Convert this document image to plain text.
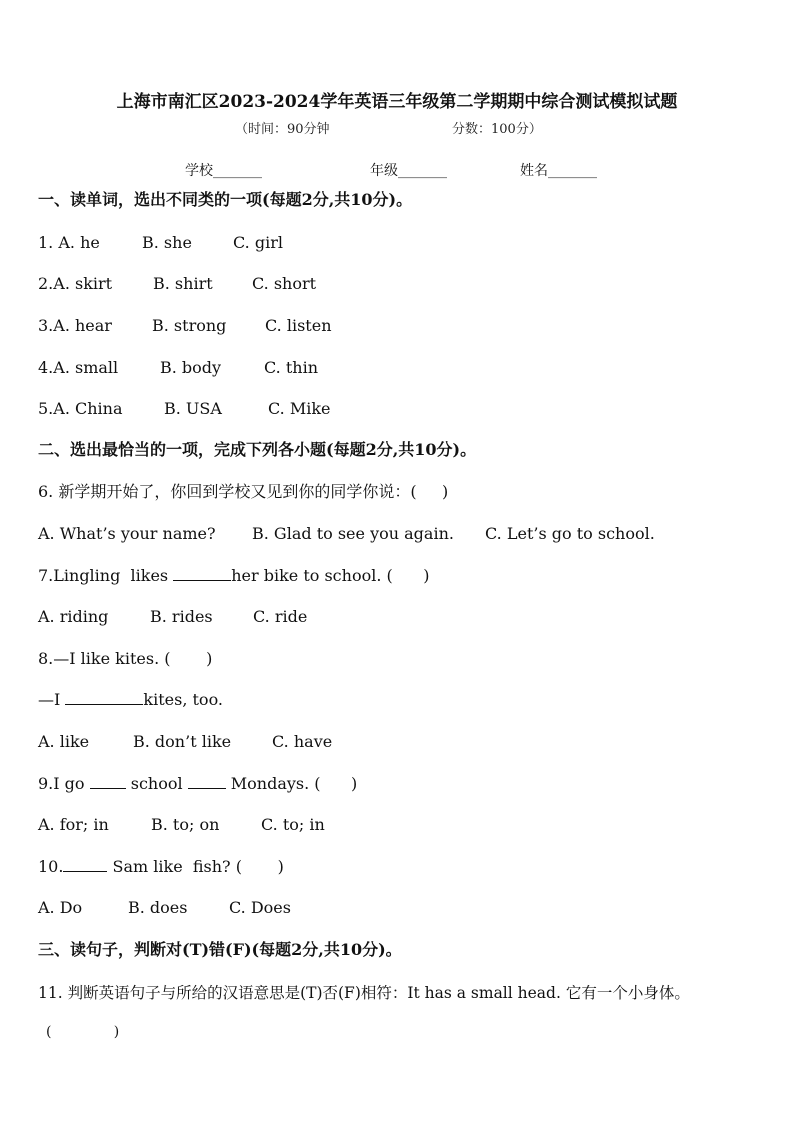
上海市南汇区2023-2024学年英语三年级第二学期期中综合测试模拟试题
（时间：90分钟	分数：100分）
学校_______	年级_______	姓名_______
一、读单词，选出不同类的一项(每题2分,共10分)。
1. A. he	B. she	C. girl
2.A. skirt	B. shirt C. short
3.A. hear	B. strong C. listen
4.A. small	B. body	C. thin
5.A. China	B. USA	C. Mike
二、选出最恰当的一项，完成下列各小题(每题2分,共10分)。
6. 新学期开始了，你回到学校又见到你的同学你说：(     )
A. What’s your name? B. Glad to see you again. C. Let’s go to school.
7.Lingling  likes	her bike to school. (      )
A. riding	B. rides	C. ride
8.—I like kites. (       )
—I	kites, too.
A. like	B. don’t like	C. have
9.I go  school  Mondays. (      )
A. for; in	B. to; on	C. to; in
10.	Sam like  fish? (       )
A. Do	B. does	C. Does
三、读句子，判断对(T)错(F)(每题2分,共10分)。
11. 判断英语句子与所给的汉语意思是(T)否(F)相符：It has a small head. 它有一个小身体。
(              )
